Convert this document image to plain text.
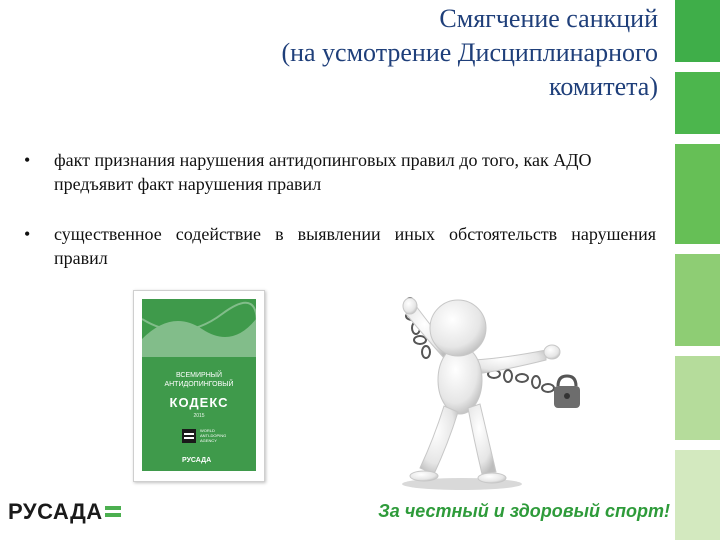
Смягчение санкций
(на усмотрение Дисциплинарного
комитета)
• факт признания нарушения антидопинговых правил до того, как АДО предъявит факт нарушения правил
• существенное содействие в выявлении иных обстоятельств нарушения правил
ВСЕМИРНЫЙ
АНТИДОПИНГОВЫЙ
КОДЕКС
2015
WORLD
ANTI-DOPING
AGENCY
РУСАДА
РУСАДА	За честный и здоровый спорт!
